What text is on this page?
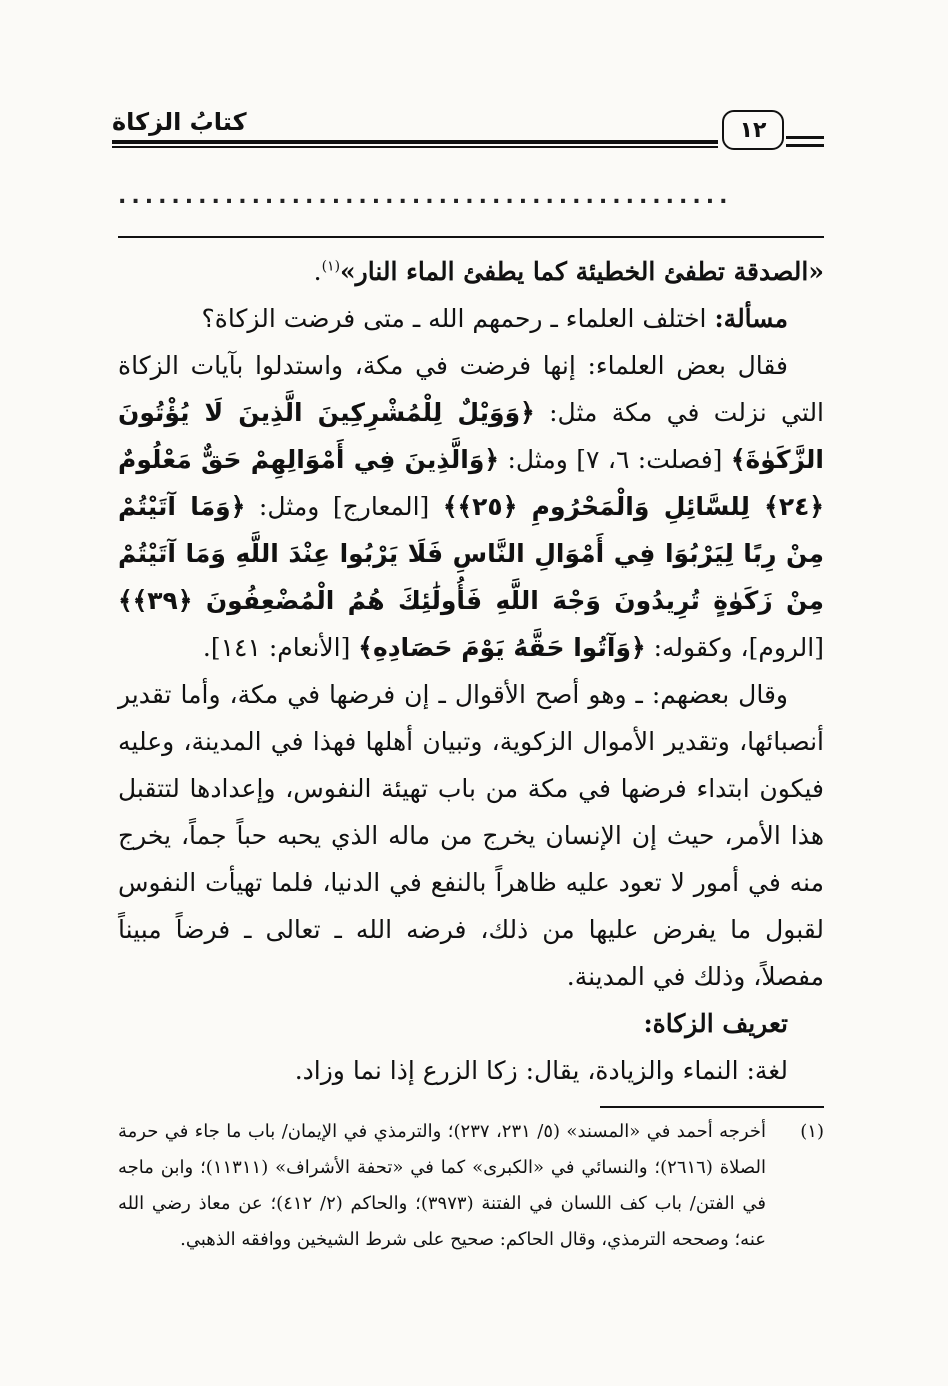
كتابُ الزكاة	١٢
..............................................

«الصدقة تطفئ الخطيئة كما يطفئ الماء النار»$^{(١)}$.

مسألة: اختلف العلماء ـ رحمهم الله ـ متى فرضت الزكاة؟

فقال بعض العلماء: إنها فرضت في مكة، واستدلوا بآيات الزكاة التي نزلت في مكة مثل: ﴿وَوَيْلٌ لِلْمُشْرِكِينَ الَّذِينَ لَا يُؤْتُونَ الزَّكَوٰةَ﴾ [فصلت: ٦، ٧] ومثل: ﴿وَالَّذِينَ فِي أَمْوَالِهِمْ حَقٌّ مَعْلُومٌ ﴿٢٤﴾ لِلسَّائِلِ وَالْمَحْرُومِ ﴿٢٥﴾﴾ [المعارج] ومثل: ﴿وَمَا آتَيْتُمْ مِنْ رِبًا لِيَرْبُوَا فِي أَمْوَالِ النَّاسِ فَلَا يَرْبُوا عِنْدَ اللَّهِ وَمَا آتَيْتُمْ مِنْ زَكَوٰةٍ تُرِيدُونَ وَجْهَ اللَّهِ فَأُولَٰئِكَ هُمُ الْمُضْعِفُونَ ﴿٣٩﴾﴾ [الروم]، وكقوله: ﴿وَآتُوا حَقَّهُ يَوْمَ حَصَادِهِ﴾ [الأنعام: ١٤١].

وقال بعضهم: ـ وهو أصح الأقوال ـ إن فرضها في مكة، وأما تقدير أنصبائها، وتقدير الأموال الزكوية، وتبيان أهلها فهذا في المدينة، وعليه فيكون ابتداء فرضها في مكة من باب تهيئة النفوس، وإعدادها لتتقبل هذا الأمر، حيث إن الإنسان يخرج من ماله الذي يحبه حباً جماً، يخرج منه في أمور لا تعود عليه ظاهراً بالنفع في الدنيا، فلما تهيأت النفوس لقبول ما يفرض عليها من ذلك، فرضه الله ـ تعالى ـ فرضاً مبيناً مفصلاً، وذلك في المدينة.

تعريف الزكاة:

لغة: النماء والزيادة، يقال: زكا الزرع إذا نما وزاد.

(١)
أخرجه أحمد في «المسند» (٥/ ٢٣١، ٢٣٧)؛ والترمذي في الإيمان/ باب ما جاء في حرمة الصلاة (٢٦١٦)؛ والنسائي في «الكبرى» كما في «تحفة الأشراف» (١١٣١١)؛ وابن ماجه في الفتن/ باب كف اللسان في الفتنة (٣٩٧٣)؛ والحاكم (٢/ ٤١٢)؛ عن معاذ رضي الله عنه؛ وصححه الترمذي، وقال الحاكم: صحيح على شرط الشيخين ووافقه الذهبي.
